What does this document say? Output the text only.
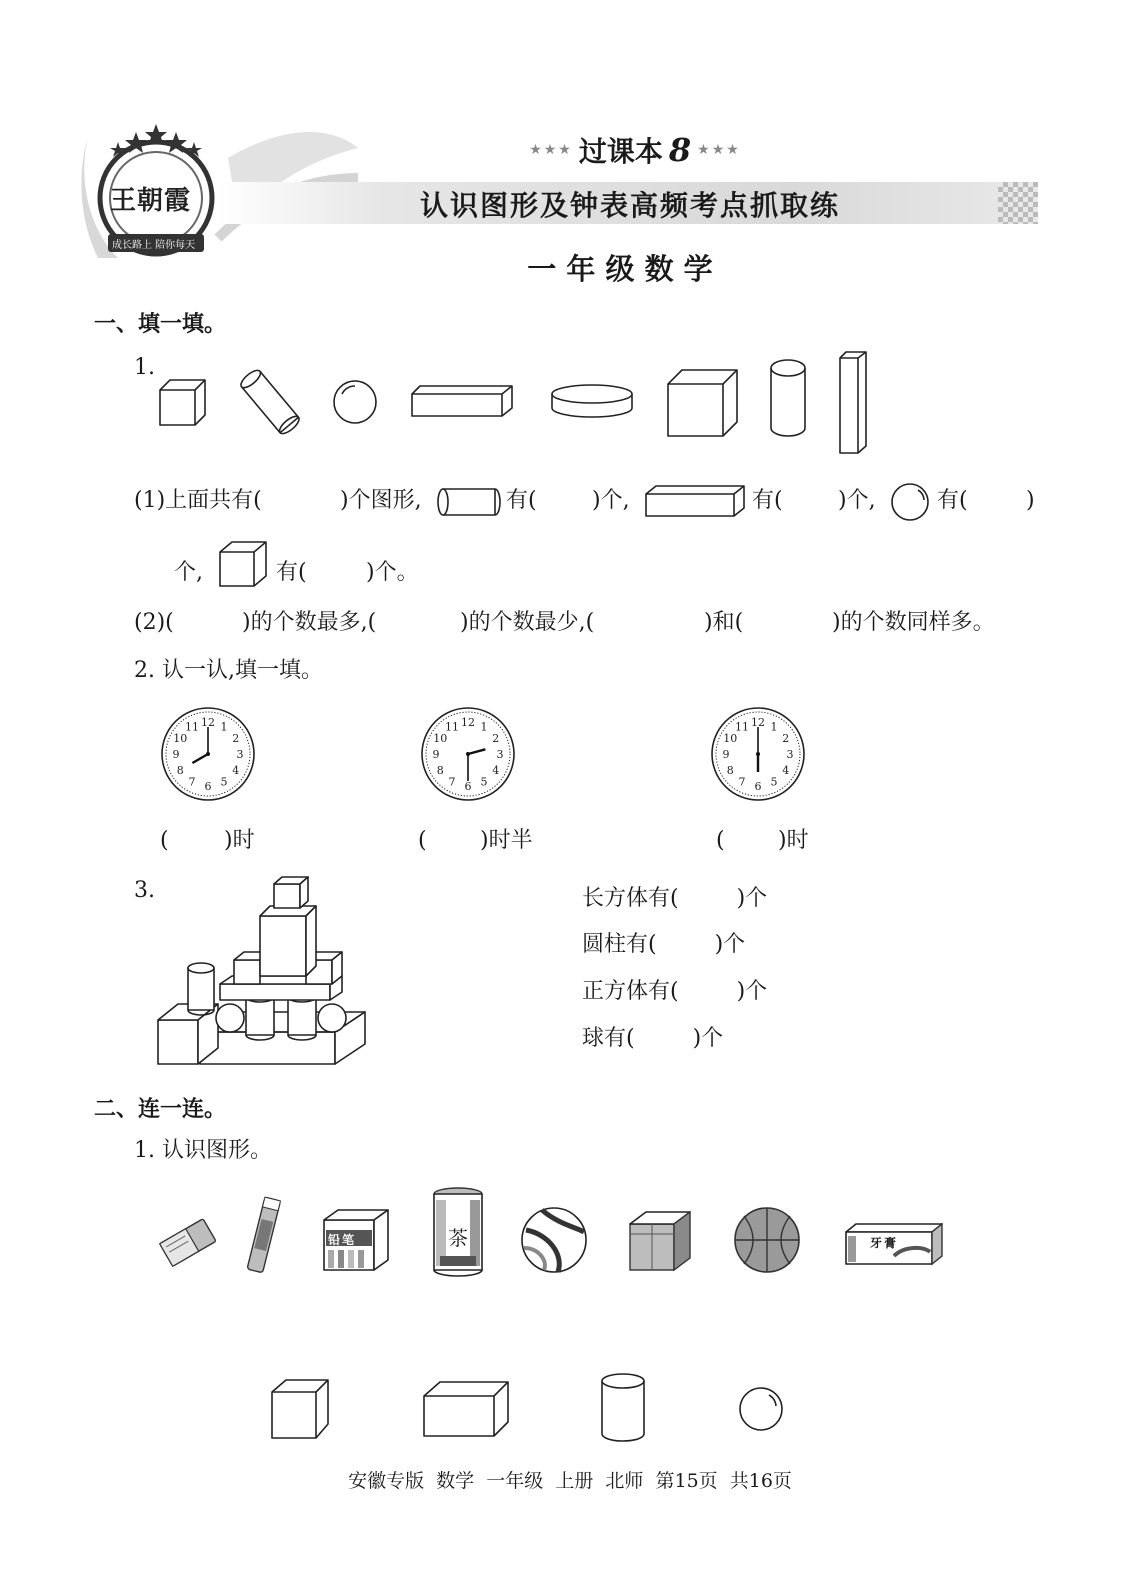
王朝霞
成长路上 陪你每天
★★★ 过课本 8 ★★★
认识图形及钟表高频考点抓取练
一 年 级 数 学
一、填一填。
1.
(1)上面共有(	)个图形,	有(	)个,	有(	)个,	有(	)
个,	有(	)个。
(2)(	)的个数最多,(	)的个数最少,(	)和(	)的个数同样多。
2. 认一认,填一填。
12 1
2
3
4
5
6
7
8
9
10
11	12 1
2
3
4
5
6
7
8
9
10
11	12 1
2
3
4
5
6
7
8
9
10
11
(	)时	( )时半	( )时
3.	长方体有(	)个
圆柱有(	)个
正方体有(	)个
球有(	)个
二、连一连。
1. 认识图形。
铅笔	茶	牙膏
安徽专版  数学  一年级  上册  北师  第15页  共16页
